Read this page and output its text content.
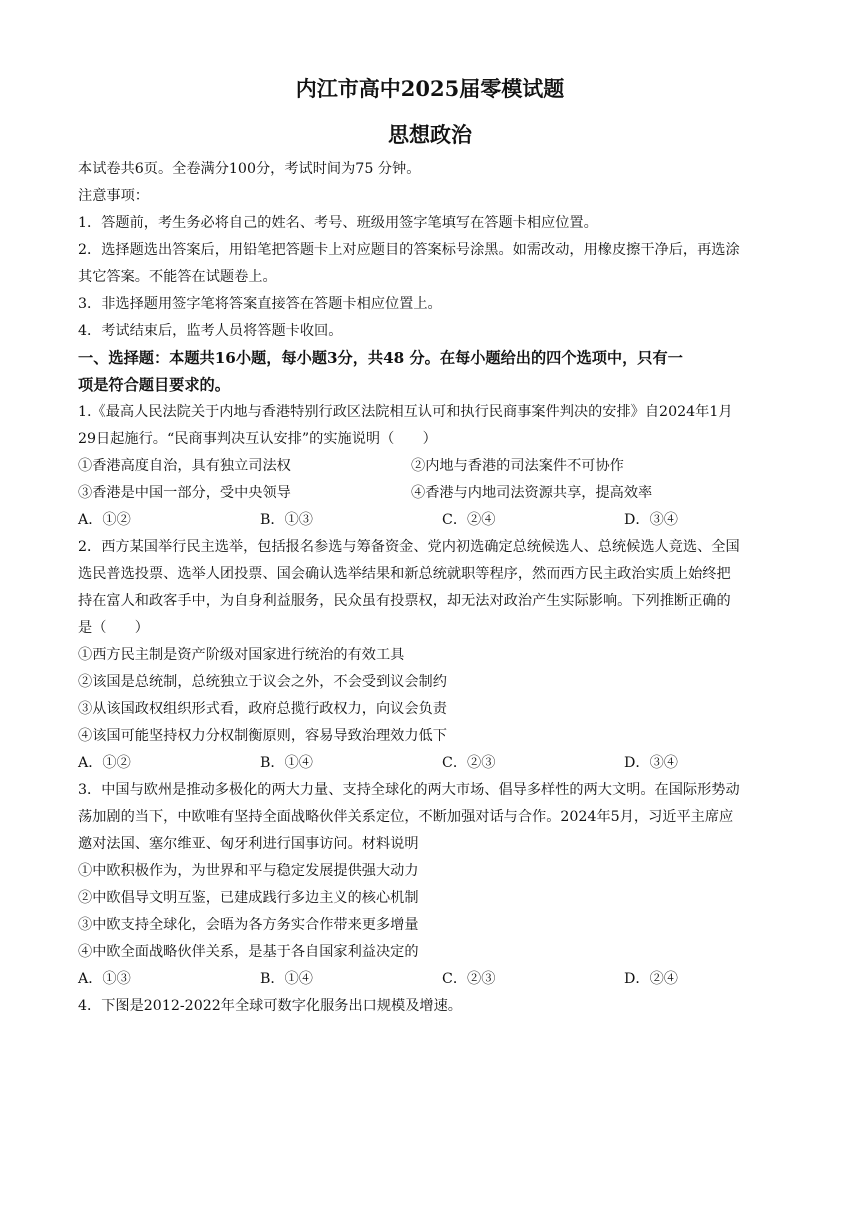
内江市高中2025届零模试题
思想政治
本试卷共6页。全卷满分100分，考试时间为75 分钟。
注意事项：
1．答题前，考生务必将自己的姓名、考号、班级用签字笔填写在答题卡相应位置。
2．选择题选出答案后，用铅笔把答题卡上对应题目的答案标号涂黑。如需改动，用橡皮擦干净后，再选涂
其它答案。不能答在试题卷上。
3．非选择题用签字笔将答案直接答在答题卡相应位置上。
4．考试结束后，监考人员将答题卡收回。
一、选择题：本题共16小题，每小题3分，共48 分。在每小题给出的四个选项中，只有一
项是符合题目要求的。
1.《最高人民法院关于内地与香港特别行政区法院相互认可和执行民商事案件判决的安排》自2024年1月
29日起施行。“民商事判决互认安排”的实施说明（　　）
①香港高度自治，具有独立司法权	②内地与香港的司法案件不可协作
③香港是中国一部分，受中央领导	④香港与内地司法资源共享，提高效率
A．①②	B．①③	C．②④	D．③④
2．西方某国举行民主选举，包括报名参选与筹备资金、党内初选确定总统候选人、总统候选人竞选、全国
选民普选投票、选举人团投票、国会确认选举结果和新总统就职等程序，然而西方民主政治实质上始终把
持在富人和政客手中，为自身利益服务，民众虽有投票权，却无法对政治产生实际影响。下列推断正确的
是（　　）
①西方民主制是资产阶级对国家进行统治的有效工具
②该国是总统制，总统独立于议会之外，不会受到议会制约
③从该国政权组织形式看，政府总揽行政权力，向议会负责
④该国可能坚持权力分权制衡原则，容易导致治理效力低下
A．①②	B．①④	C．②③	D．③④
3．中国与欧州是推动多极化的两大力量、支持全球化的两大市场、倡导多样性的两大文明。在国际形势动
荡加剧的当下，中欧唯有坚持全面战略伙伴关系定位，不断加强对话与合作。2024年5月，习近平主席应
邀对法国、塞尔维亚、匈牙利进行国事访问。材料说明
①中欧积极作为，为世界和平与稳定发展提供强大动力
②中欧倡导文明互鉴，已建成践行多边主义的核心机制
③中欧支持全球化，会晤为各方务实合作带来更多增量
④中欧全面战略伙伴关系，是基于各自国家利益决定的
A．①③	B．①④	C．②③	D．②④
4．下图是2012-2022年全球可数字化服务出口规模及增速。
